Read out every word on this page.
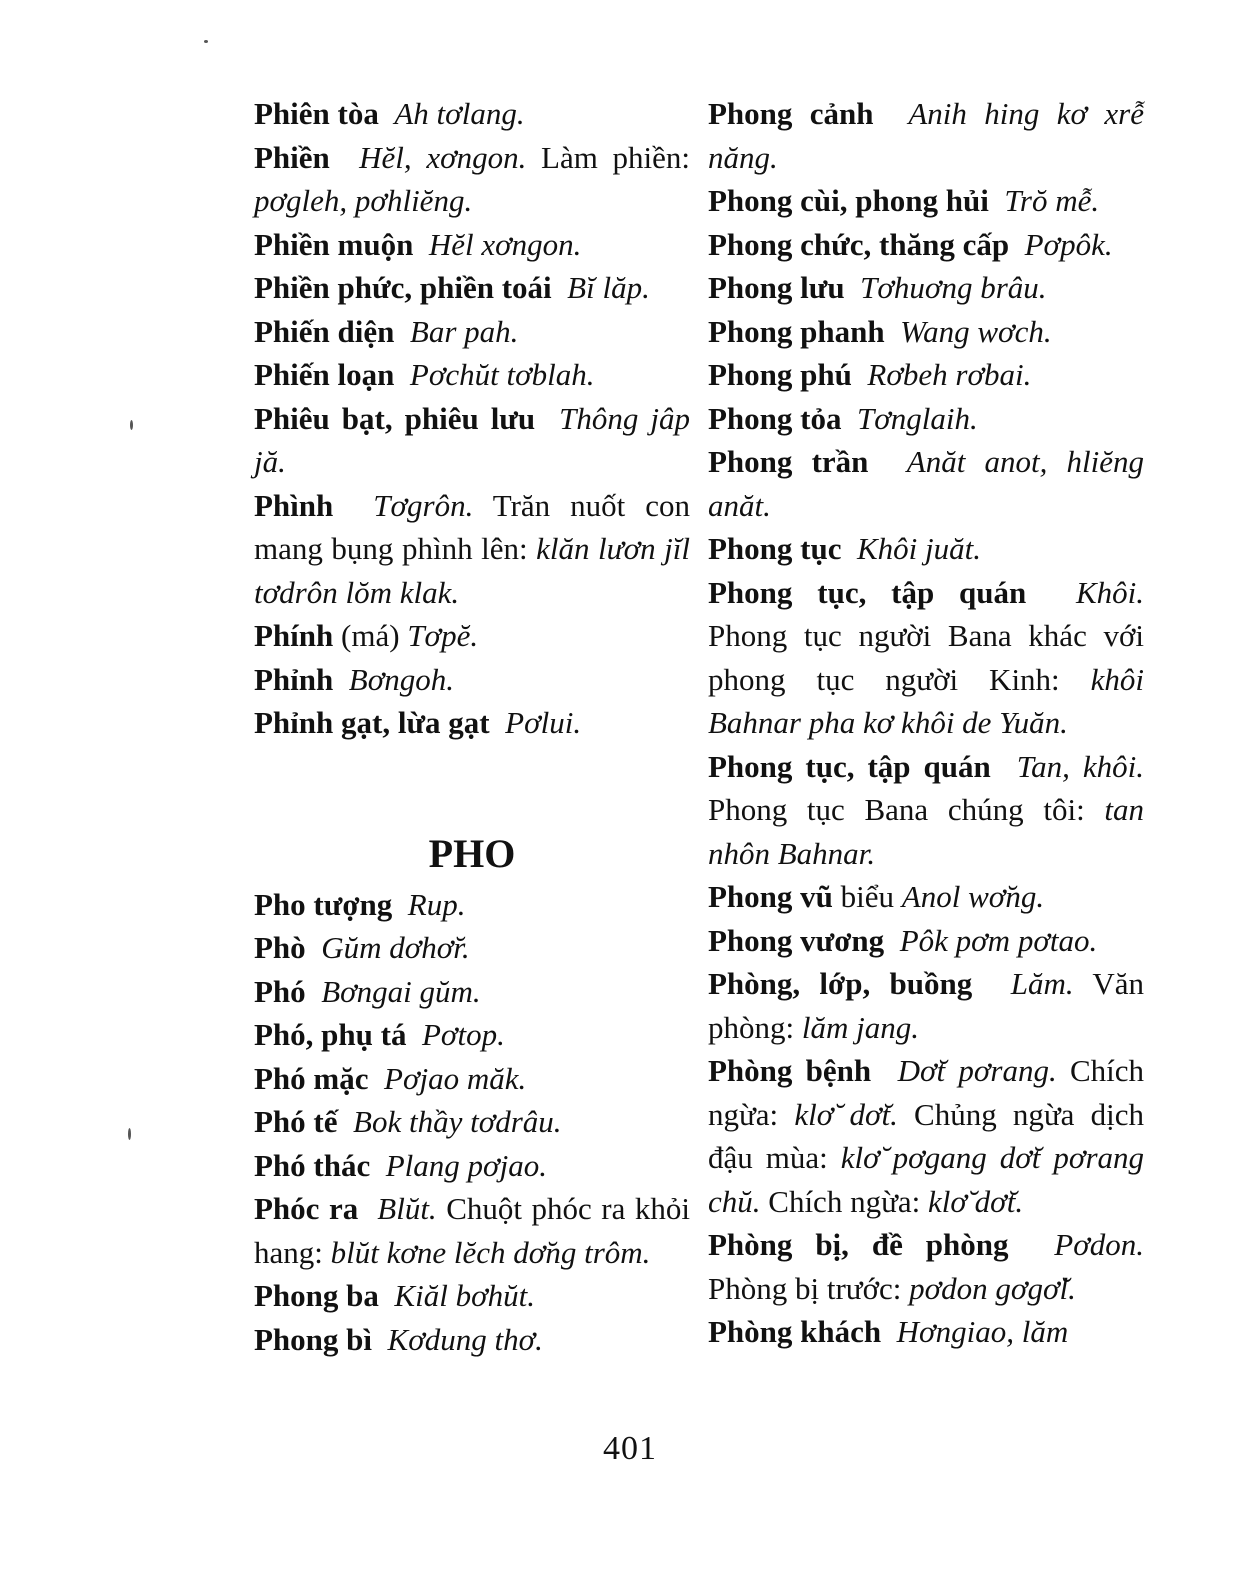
Phiên tòa Ah tơlang.

Phiền Hĕl, xơngon. Làm phiền: pơgleh, pơhliĕng.

Phiền muộn Hĕl xơngon.

Phiền phức, phiền toái Bĭ lăp.

Phiến diện Bar pah.

Phiến loạn Pơchŭt tơblah.

Phiêu bạt, phiêu lưu Thông jâp jă.

Phình Tơgrôn. Trăn nuốt con mang bụng phình lên: klăn lươn jĭl tơdrôn lŏm klak.

Phính (má) Tơpĕ.

Phỉnh Bơngoh.

Phỉnh gạt, lừa gạt Pơlui.

PHO

Pho tượng Rup.

Phò Gŭm dơhơ̆r.

Phó Bơngai gŭm.

Phó, phụ tá Pơtop.

Phó mặc Pơjao măk.

Phó tế Bok thầy tơdrâu.

Phó thác Plang pơjao.

Phóc ra Blŭt. Chuột phóc ra khỏi hang: blŭt kơne lĕch dơ̆ng trôm.

Phong ba Kiăl bơhŭt.

Phong bì Kơdung thơ.

Phong cảnh Anih hing kơ xrễ năng.

Phong cùi, phong hủi Trŏ mễ.

Phong chức, thăng cấp Pơpôk.

Phong lưu Tơhuơng brâu.

Phong phanh Wang wơch.

Phong phú Rơbeh rơbai.

Phong tỏa Tơnglaih.

Phong trần Anăt anot, hliĕng anăt.

Phong tục Khôi juăt.

Phong tục, tập quán Khôi. Phong tục người Bana khác với phong tục người Kinh: khôi Bahnar pha kơ khôi de Yuăn.

Phong tục, tập quán Tan, khôi. Phong tục Bana chúng tôi: tan nhôn Bahnar.

Phong vũ biểu Anol wơ̆ng.

Phong vương Pôk pơm pơtao.

Phòng, lớp, buồng Lăm. Văn phòng: lăm jang.

Phòng bệnh Dơ̆t pơrang. Chích ngừa: klơ̆ dơ̆t. Chủng ngừa dịch đậu mùa: klơ̆ pơgang dơ̆t pơrang chŭ. Chích ngừa: klơ̆ dơ̆t.

Phòng bị, đề phòng Pơdon. Phòng bị trước: pơdon gơgơ̆l.

Phòng khách Hơngiao, lăm

401
